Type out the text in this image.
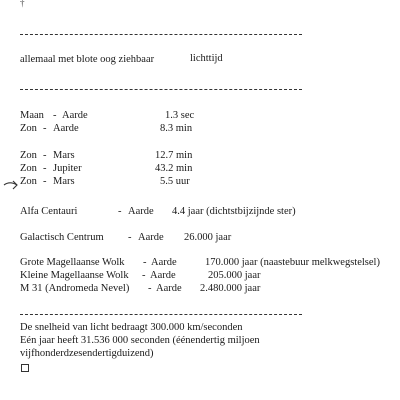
†
allemaal met blote oog ziehbaar	lichttijd
Maan - Aarde	1.3 sec
Zon - Aarde	8.3 min
Zon - Mars	12.7 min
Zon - Jupiter	43.2 min
Zon - Mars	5.5 uur
Alfa Centauri	- Aarde 4.4 jaar (dichtstbijzijnde ster)
Galactisch Centrum - Aarde 26.000 jaar
Grote Magellaanse Wolk - Aarde	170.000 jaar (naastebuur melkwegstelsel)
Kleine Magellaanse Wolk - Aarde	205.000 jaar
M 31 (Andromeda Nevel) - Aarde 2.480.000 jaar
De snelheid van licht bedraagt 300.000 km/seconden
Eén jaar heeft 31.536 000 seconden (éénendertig miljoen
vijfhonderdzesendertigduizend)
